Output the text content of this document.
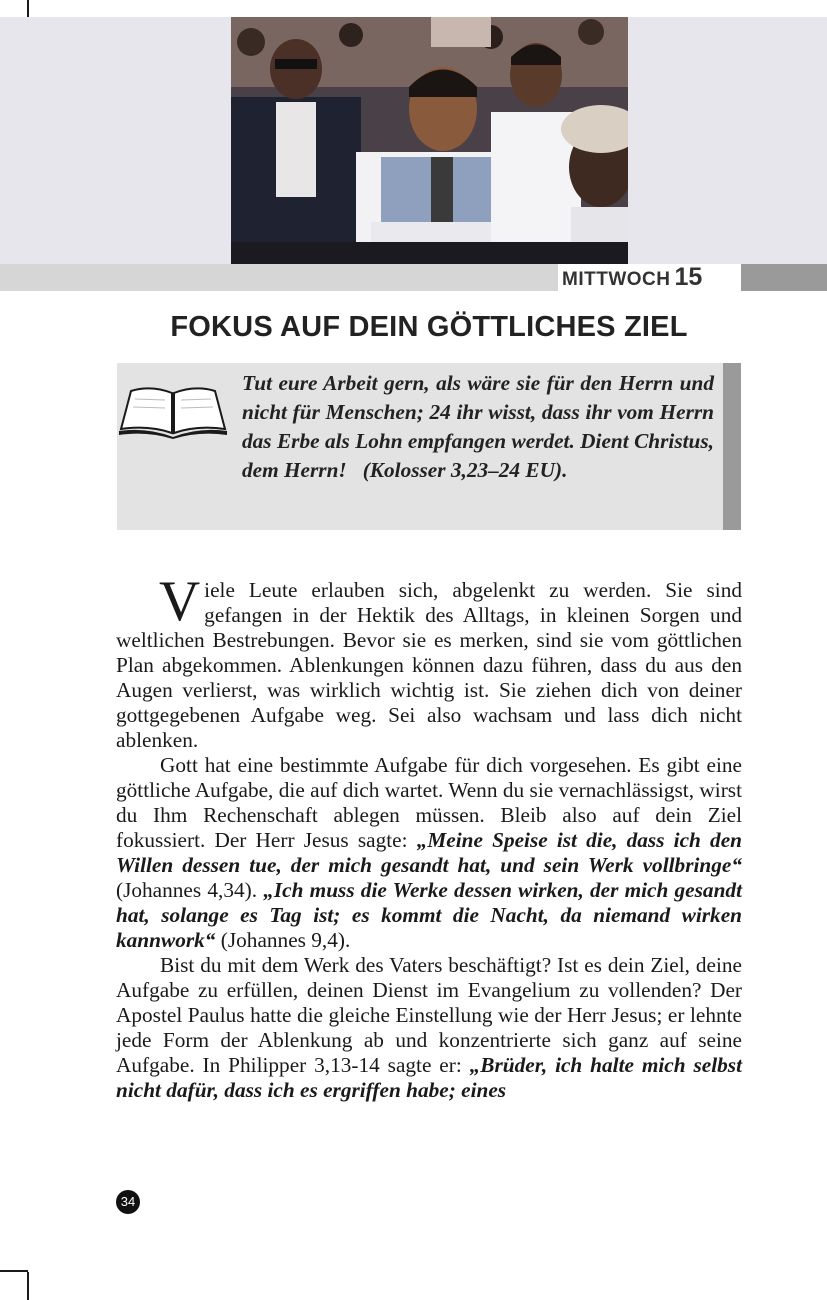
MITTWOCH 15
FOKUS AUF DEIN GÖTTLICHES ZIEL
Tut eure Arbeit gern, als wäre sie für den Herrn und nicht für Menschen; 24 ihr wisst, dass ihr vom Herrn das Erbe als Lohn empfangen werdet. Dient Christus, dem Herrn! (Kolosser 3,23–24 EU).

Viele Leute erlauben sich, abgelenkt zu werden. Sie sind gefangen in der Hektik des Alltags, in kleinen Sorgen und weltlichen Bestrebungen. Bevor sie es merken, sind sie vom göttlichen Plan abgekommen. Ablenkungen können dazu führen, dass du aus den Augen verlierst, was wirklich wichtig ist. Sie ziehen dich von deiner gottgegebenen Aufgabe weg. Sei also wachsam und lass dich nicht ablenken.

Gott hat eine bestimmte Aufgabe für dich vorgesehen. Es gibt eine göttliche Aufgabe, die auf dich wartet. Wenn du sie vernachlässigst, wirst du Ihm Rechenschaft ablegen müssen. Bleib also auf dein Ziel fokussiert. Der Herr Jesus sagte: „Meine Speise ist die, dass ich den Willen dessen tue, der mich gesandt hat, und sein Werk vollbringe“ (Johannes 4,34). „Ich muss die Werke dessen wirken, der mich gesandt hat, solange es Tag ist; es kommt die Nacht, da niemand wirken kannwork“ (Johannes 9,4).

Bist du mit dem Werk des Vaters beschäftigt? Ist es dein Ziel, deine Aufgabe zu erfüllen, deinen Dienst im Evangelium zu vollenden? Der Apostel Paulus hatte die gleiche Einstellung wie der Herr Jesus; er lehnte jede Form der Ablenkung ab und konzentrierte sich ganz auf seine Aufgabe. In Philipper 3,13-14 sagte er: „Brüder, ich halte mich selbst nicht dafür, dass ich es ergriffen habe; eines

34
